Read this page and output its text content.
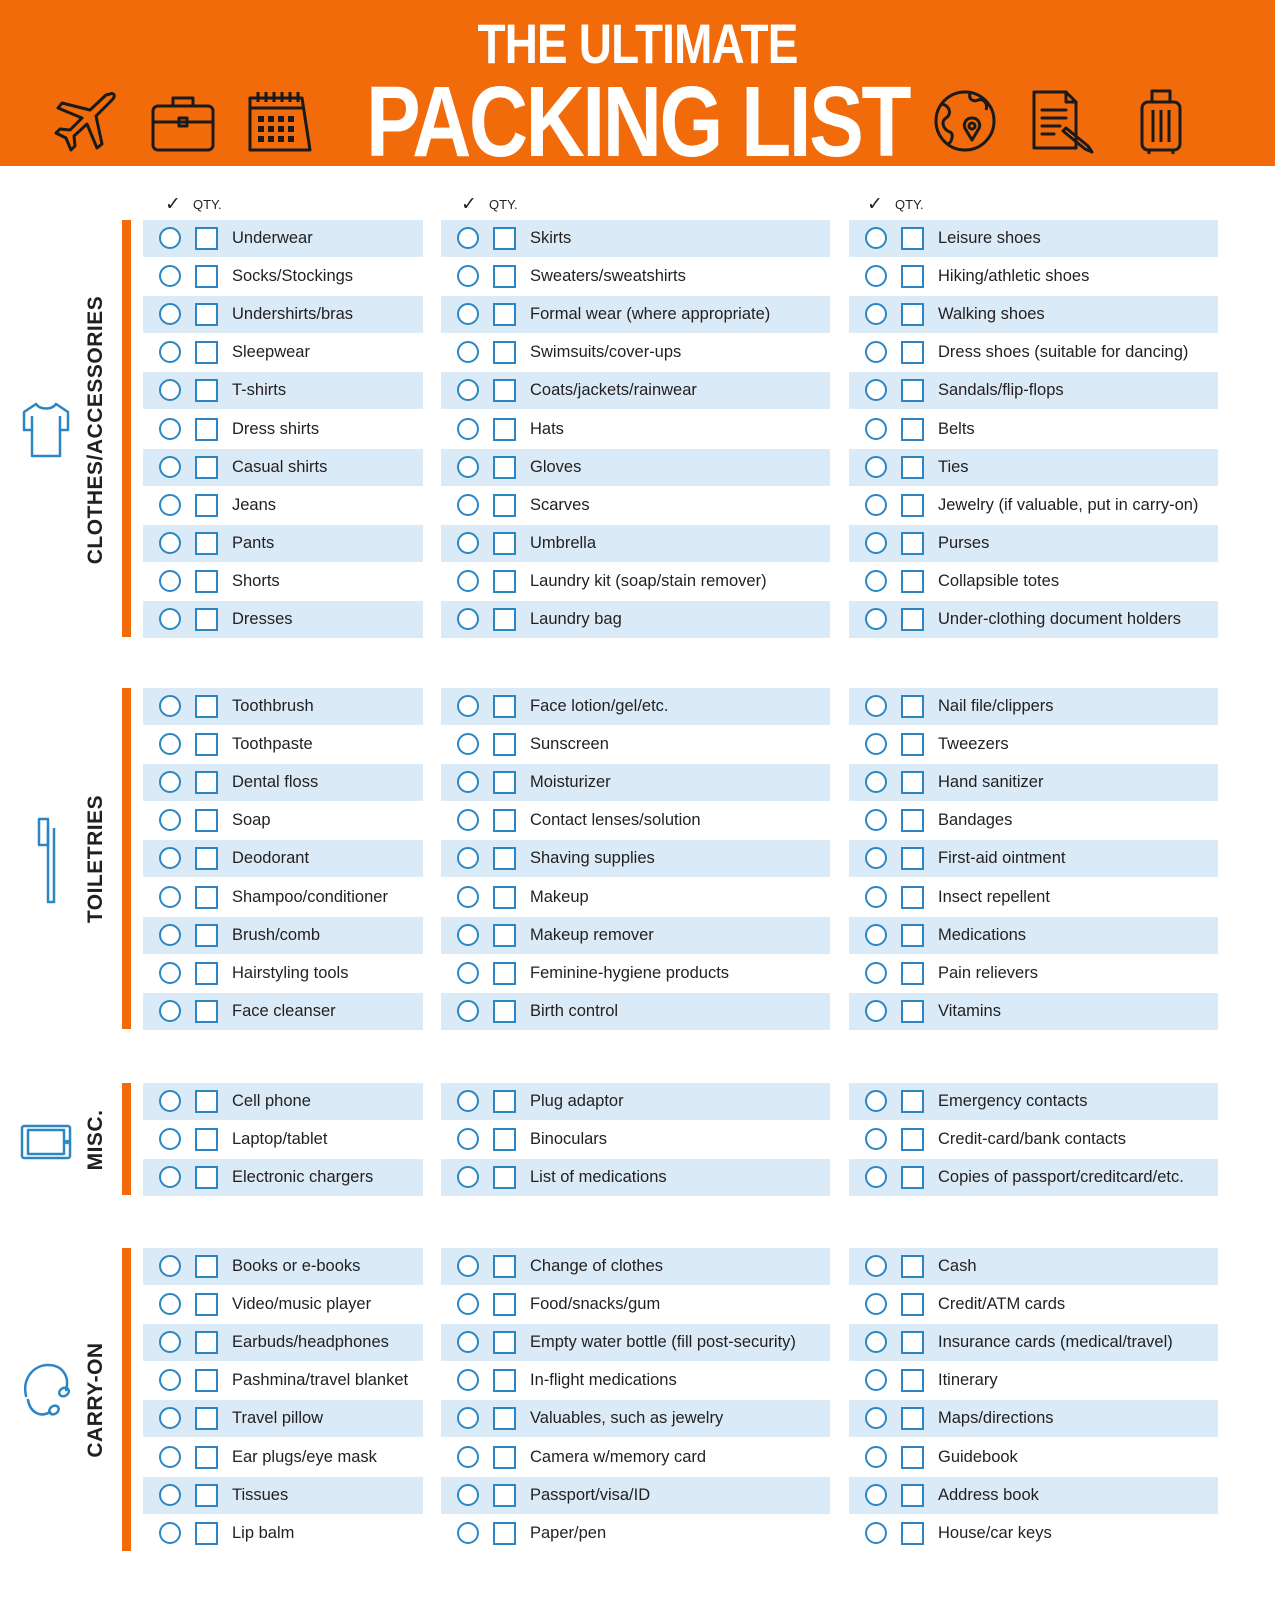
THE ULTIMATE
PACKING LIST
✓ QTY.	✓ QTY.	✓ QTY.
CLOTHES/ACCESSORIES
Underwear
Socks/Stockings
Undershirts/bras
Sleepwear
T-shirts
Dress shirts
Casual shirts
Jeans
Pants
Shorts
Dresses
Skirts
Sweaters/sweatshirts
Formal wear (where appropriate)
Swimsuits/cover-ups
Coats/jackets/rainwear
Hats
Gloves
Scarves
Umbrella
Laundry kit (soap/stain remover)
Laundry bag
Leisure shoes
Hiking/athletic shoes
Walking shoes
Dress shoes (suitable for dancing)
Sandals/flip-flops
Belts
Ties
Jewelry (if valuable, put in carry-on)
Purses
Collapsible totes
Under-clothing document holders
TOILETRIES
Toothbrush
Toothpaste
Dental floss
Soap
Deodorant
Shampoo/conditioner
Brush/comb
Hairstyling tools
Face cleanser
Face lotion/gel/etc.
Sunscreen
Moisturizer
Contact lenses/solution
Shaving supplies
Makeup
Makeup remover
Feminine-hygiene products
Birth control
Nail file/clippers
Tweezers
Hand sanitizer
Bandages
First-aid ointment
Insect repellent
Medications
Pain relievers
Vitamins
MISC.
Cell phone
Laptop/tablet
Electronic chargers
Plug adaptor
Binoculars
List of medications
Emergency contacts
Credit-card/bank contacts
Copies of passport/creditcard/etc.
CARRY-ON
Books or e-books
Video/music player
Earbuds/headphones
Pashmina/travel blanket
Travel pillow
Ear plugs/eye mask
Tissues
Lip balm
Change of clothes
Food/snacks/gum
Empty water bottle (fill post-security)
In-flight medications
Valuables, such as jewelry
Camera w/memory card
Passport/visa/ID
Paper/pen
Cash
Credit/ATM cards
Insurance cards (medical/travel)
Itinerary
Maps/directions
Guidebook
Address book
House/car keys
